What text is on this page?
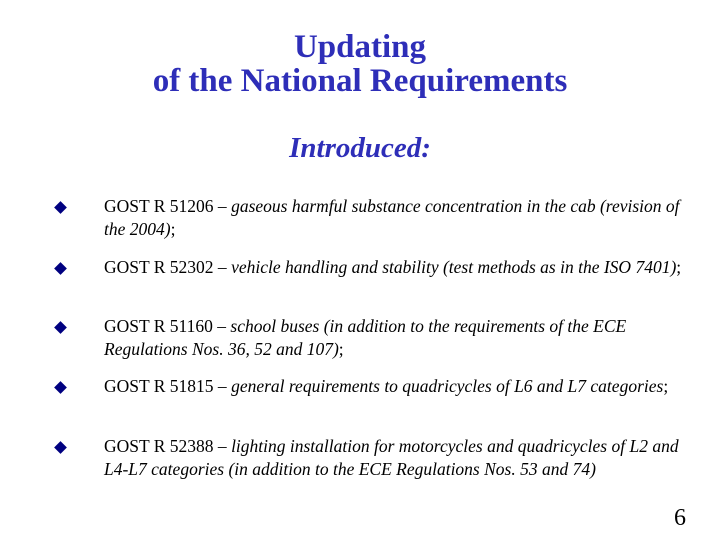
Updating
of the National Requirements
Introduced:
GOST R 51206 – gaseous harmful substance concentration in the cab (revision of the 2004);
GOST R 52302 – vehicle handling and stability (test methods as in the ISO 7401);
GOST R 51160 – school buses (in addition to the requirements of the ECE Regulations Nos. 36, 52 and 107);
GOST R 51815 – general requirements to quadricycles of L6 and L7 categories;
GOST R 52388 – lighting installation for motorcycles and quadricycles of L2 and L4-L7 categories (in addition to the ECE Regulations Nos. 53 and 74)
6
